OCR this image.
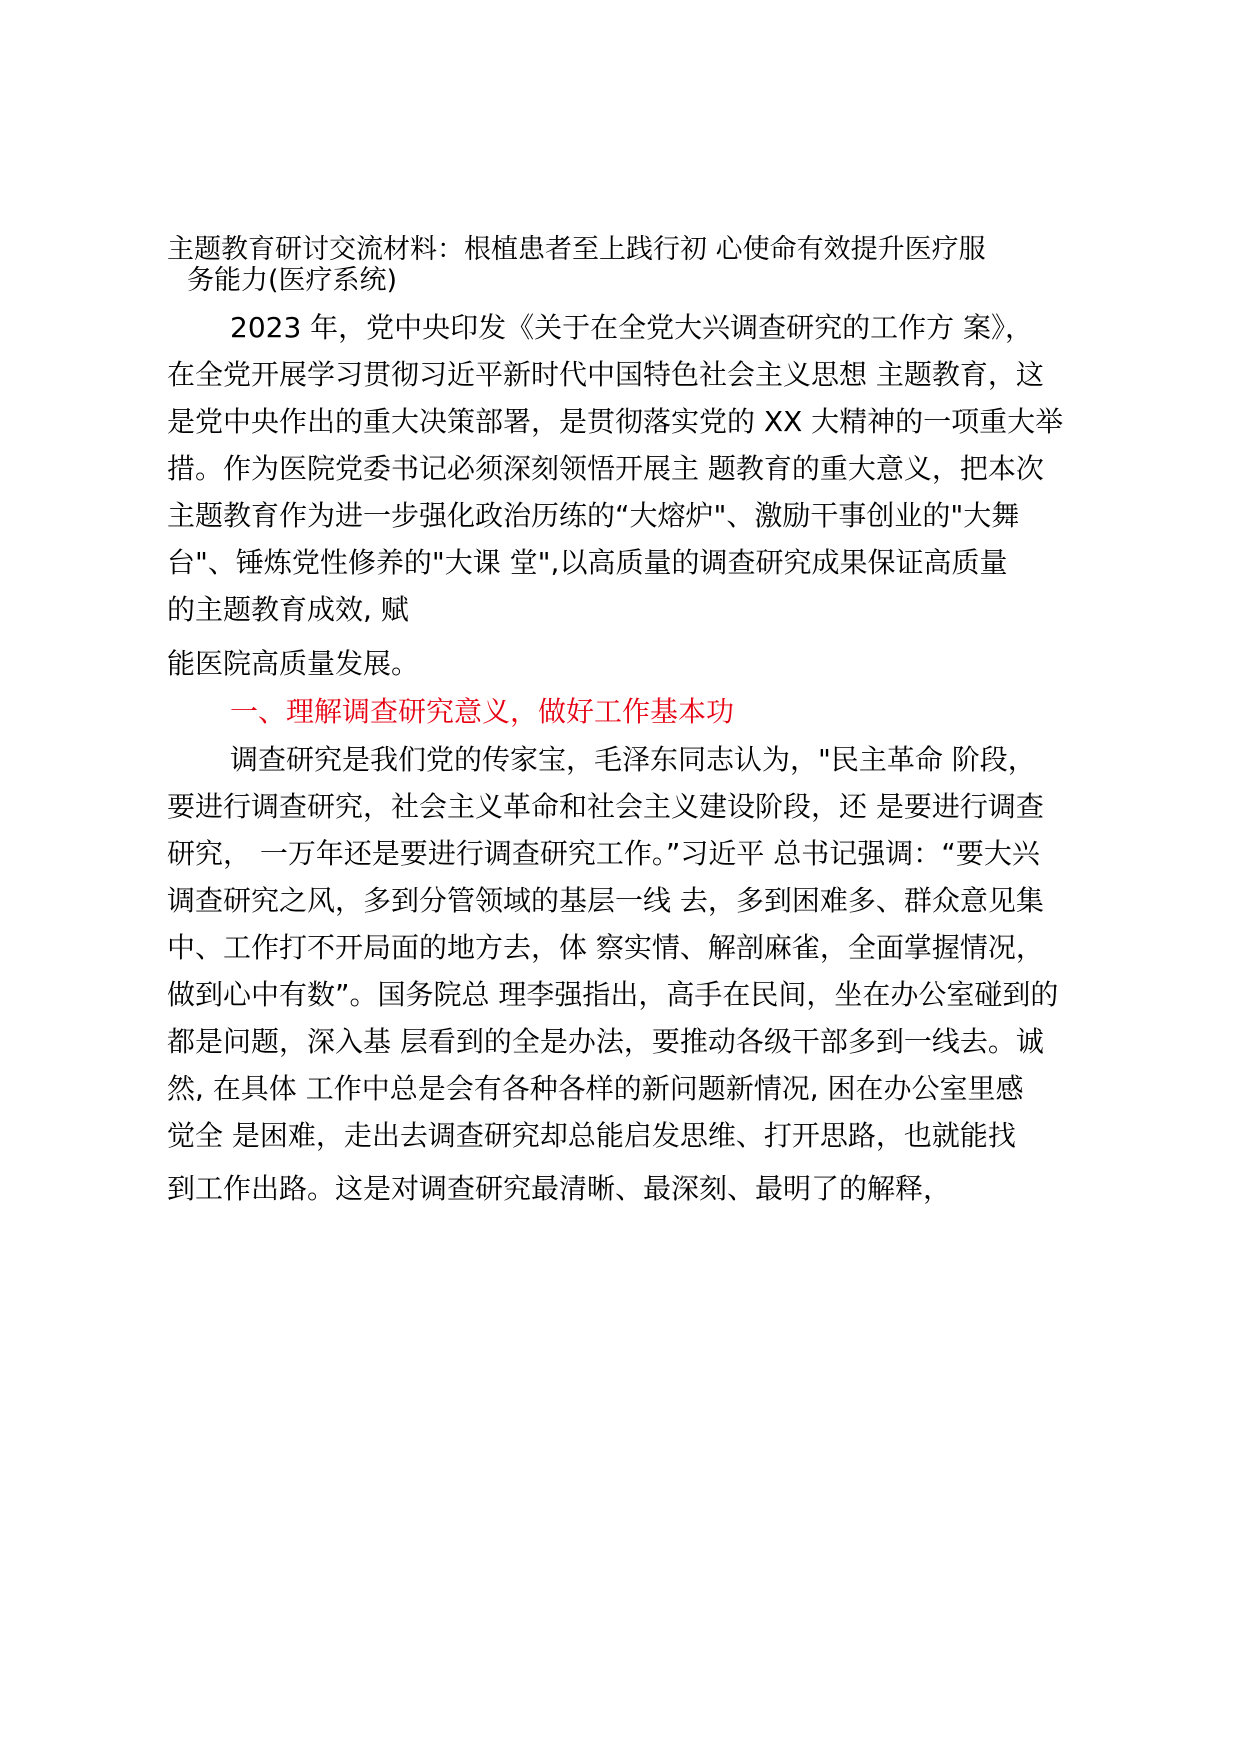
主题教育研讨交流材料：根植患者至上践行初 心使命有效提升医疗服
务能力(医疗系统)
2023 年，党中央印发《关于在全党大兴调查研究的工作方 案》，
在全党开展学习贯彻习近平新时代中国特色社会主义思想 主题教育，这
是党中央作出的重大决策部署，是贯彻落实党的 XX 大精神的一项重大举
措。作为医院党委书记必须深刻领悟开展主 题教育的重大意义，把本次
主题教育作为进一步强化政治历练的“大熔炉"、激励干事创业的"大舞
台"、锤炼党性修养的"大课 堂",以高质量的调查研究成果保证高质量
的主题教育成效, 赋
能医院高质量发展。
一、理解调查研究意义，做好工作基本功
调查研究是我们党的传家宝，毛泽东同志认为，"民主革命 阶段，
要进行调查研究，社会主义革命和社会主义建设阶段，还 是要进行调查
研究， 一万年还是要进行调查研究工作。”习近平 总书记强调：“要大兴
调查研究之风，多到分管领域的基层一线 去，多到困难多、群众意见集
中、工作打不开局面的地方去，体 察实情、解剖麻雀，全面掌握情况，
做到心中有数”。国务院总 理李强指出，高手在民间，坐在办公室碰到的
都是问题，深入基 层看到的全是办法，要推动各级干部多到一线去。诚
然, 在具体 工作中总是会有各种各样的新问题新情况, 困在办公室里感
觉全 是困难，走出去调查研究却总能启发思维、打开思路，也就能找
到工作出路。这是对调查研究最清晰、最深刻、最明了的解释，
